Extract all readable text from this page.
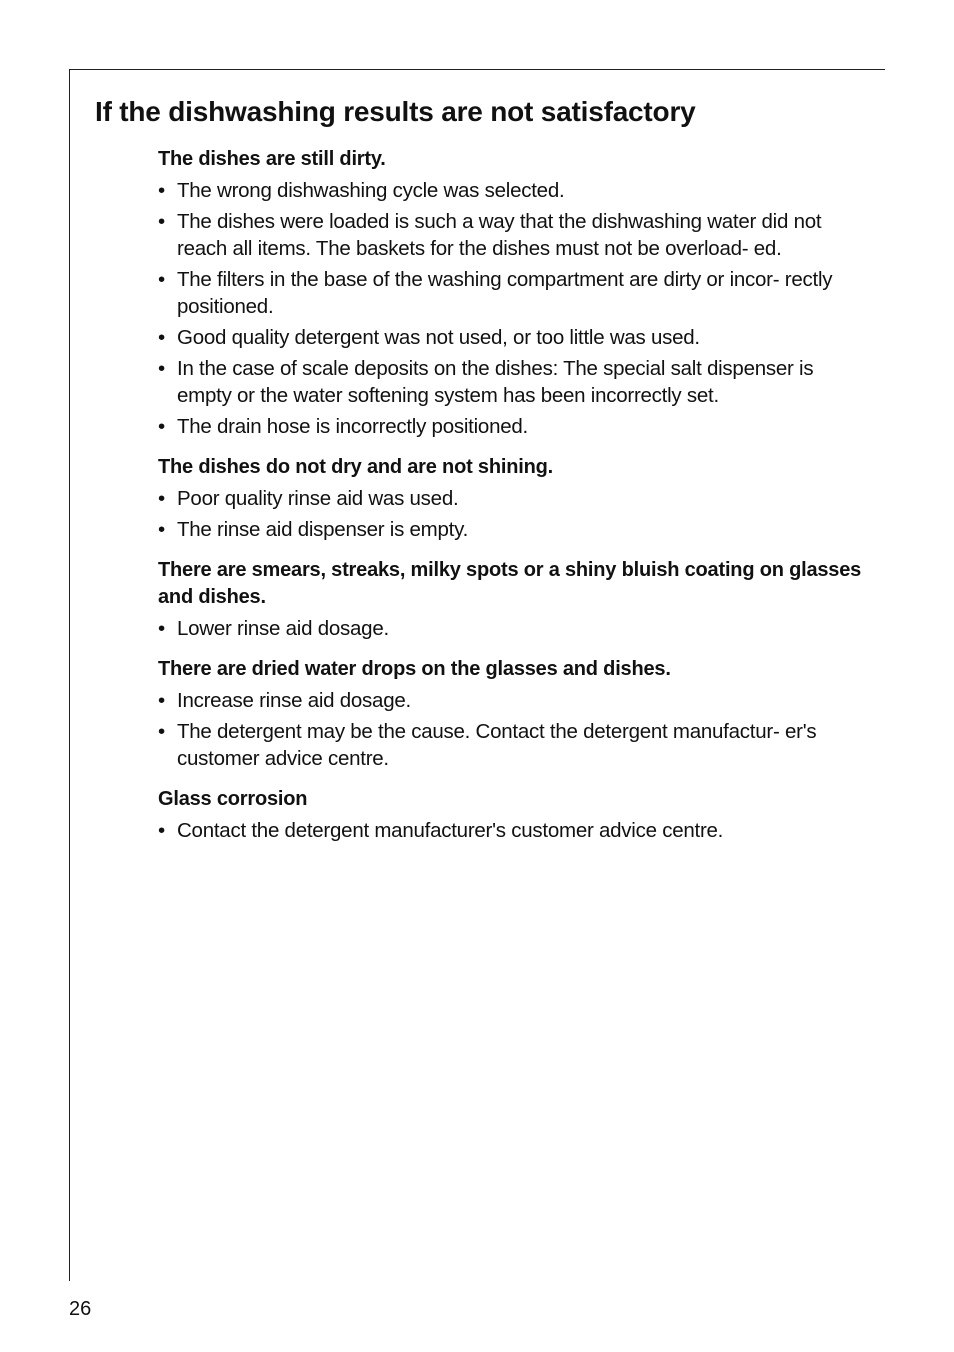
If the dishwashing results are not satisfactory
The dishes are still dirty.
• The wrong dishwashing cycle was selected.
• The dishes were loaded is such a way that the dishwashing water did not reach all items. The baskets for the dishes must not be overload- ed.
• The filters in the base of the washing compartment are dirty or incor- rectly positioned.
• Good quality detergent was not used, or too little was used.
• In the case of scale deposits on the dishes: The special salt dispenser is empty or the water softening system has been incorrectly set.
• The drain hose is incorrectly positioned.
The dishes do not dry and are not shining.
• Poor quality rinse aid was used.
• The rinse aid dispenser is empty.
There are smears, streaks, milky spots or a shiny bluish coating on glasses and dishes.
• Lower rinse aid dosage.
There are dried water drops on the glasses and dishes.
• Increase rinse aid dosage.
• The detergent may be the cause. Contact the detergent manufactur- er's customer advice centre.
Glass corrosion
• Contact the detergent manufacturer's customer advice centre.
26
